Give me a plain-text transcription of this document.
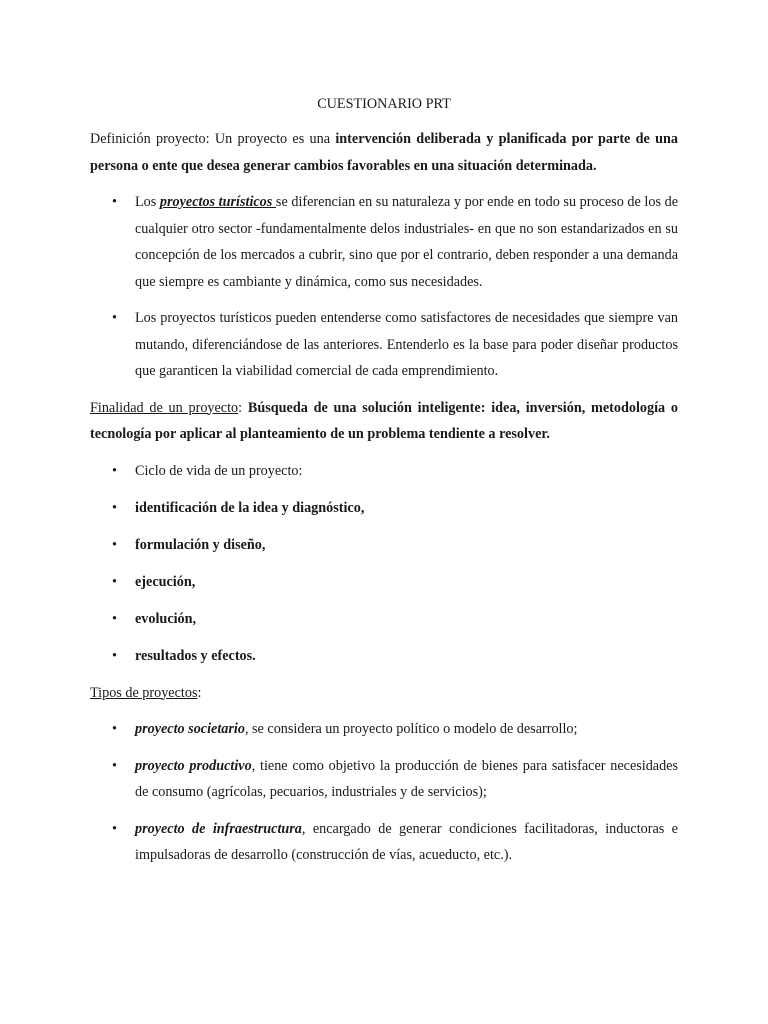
CUESTIONARIO PRT

Definición proyecto: Un proyecto es una intervención deliberada y planificada por parte de una persona o ente que desea generar cambios favorables en una situación determinada.

• Los proyectos turísticos se diferencian en su naturaleza y por ende en todo su proceso de los de cualquier otro sector -fundamentalmente delos industriales- en que no son estandarizados en su concepción de los mercados a cubrir, sino que por el contrario, deben responder a una demanda que siempre es cambiante y dinámica, como sus necesidades.
• Los proyectos turísticos pueden entenderse como satisfactores de necesidades que siempre van mutando, diferenciándose de las anteriores. Entenderlo es la base para poder diseñar productos que garanticen la viabilidad comercial de cada emprendimiento.

Finalidad de un proyecto: Búsqueda de una solución inteligente: idea, inversión, metodología o tecnología por aplicar al planteamiento de un problema tendiente a resolver.

• Ciclo de vida de un proyecto:
• identificación de la idea y diagnóstico,
• formulación y diseño,
• ejecución,
• evolución,
• resultados y efectos.

Tipos de proyectos:

• proyecto societario, se considera un proyecto político o modelo de desarrollo;
• proyecto productivo, tiene como objetivo la producción de bienes para satisfacer necesidades de consumo (agrícolas, pecuarios, industriales y de servicios);
• proyecto de infraestructura, encargado de generar condiciones facilitadoras, inductoras e impulsadoras de desarrollo (construcción de vías, acueducto, etc.).
